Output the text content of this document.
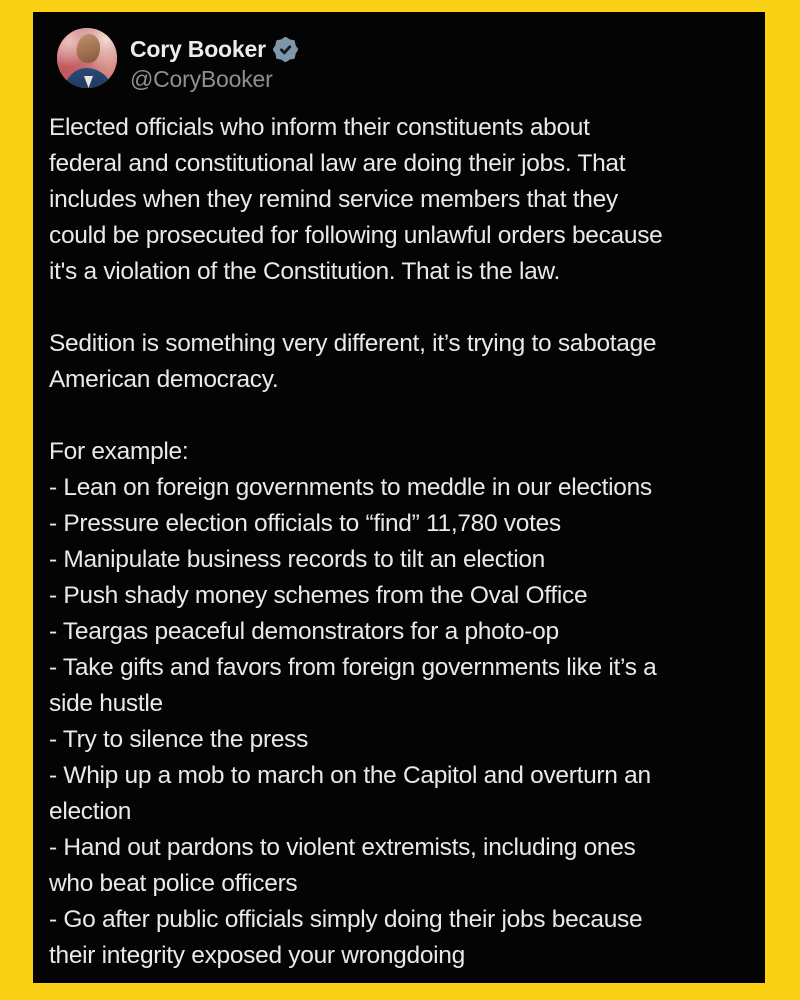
Cory Booker
@CoryBooker
Elected officials who inform their constituents about
federal and constitutional law are doing their jobs. That
includes when they remind service members that they
could be prosecuted for following unlawful orders because
it's a violation of the Constitution. That is the law.

Sedition is something very different, it’s trying to sabotage
American democracy.

For example:
- Lean on foreign governments to meddle in our elections
- Pressure election officials to “find” 11,780 votes
- Manipulate business records to tilt an election
- Push shady money schemes from the Oval Office
- Teargas peaceful demonstrators for a photo-op
- Take gifts and favors from foreign governments like it’s a
side hustle
- Try to silence the press
- Whip up a mob to march on the Capitol and overturn an
election
- Hand out pardons to violent extremists, including ones
who beat police officers
- Go after public officials simply doing their jobs because
their integrity exposed your wrongdoing
